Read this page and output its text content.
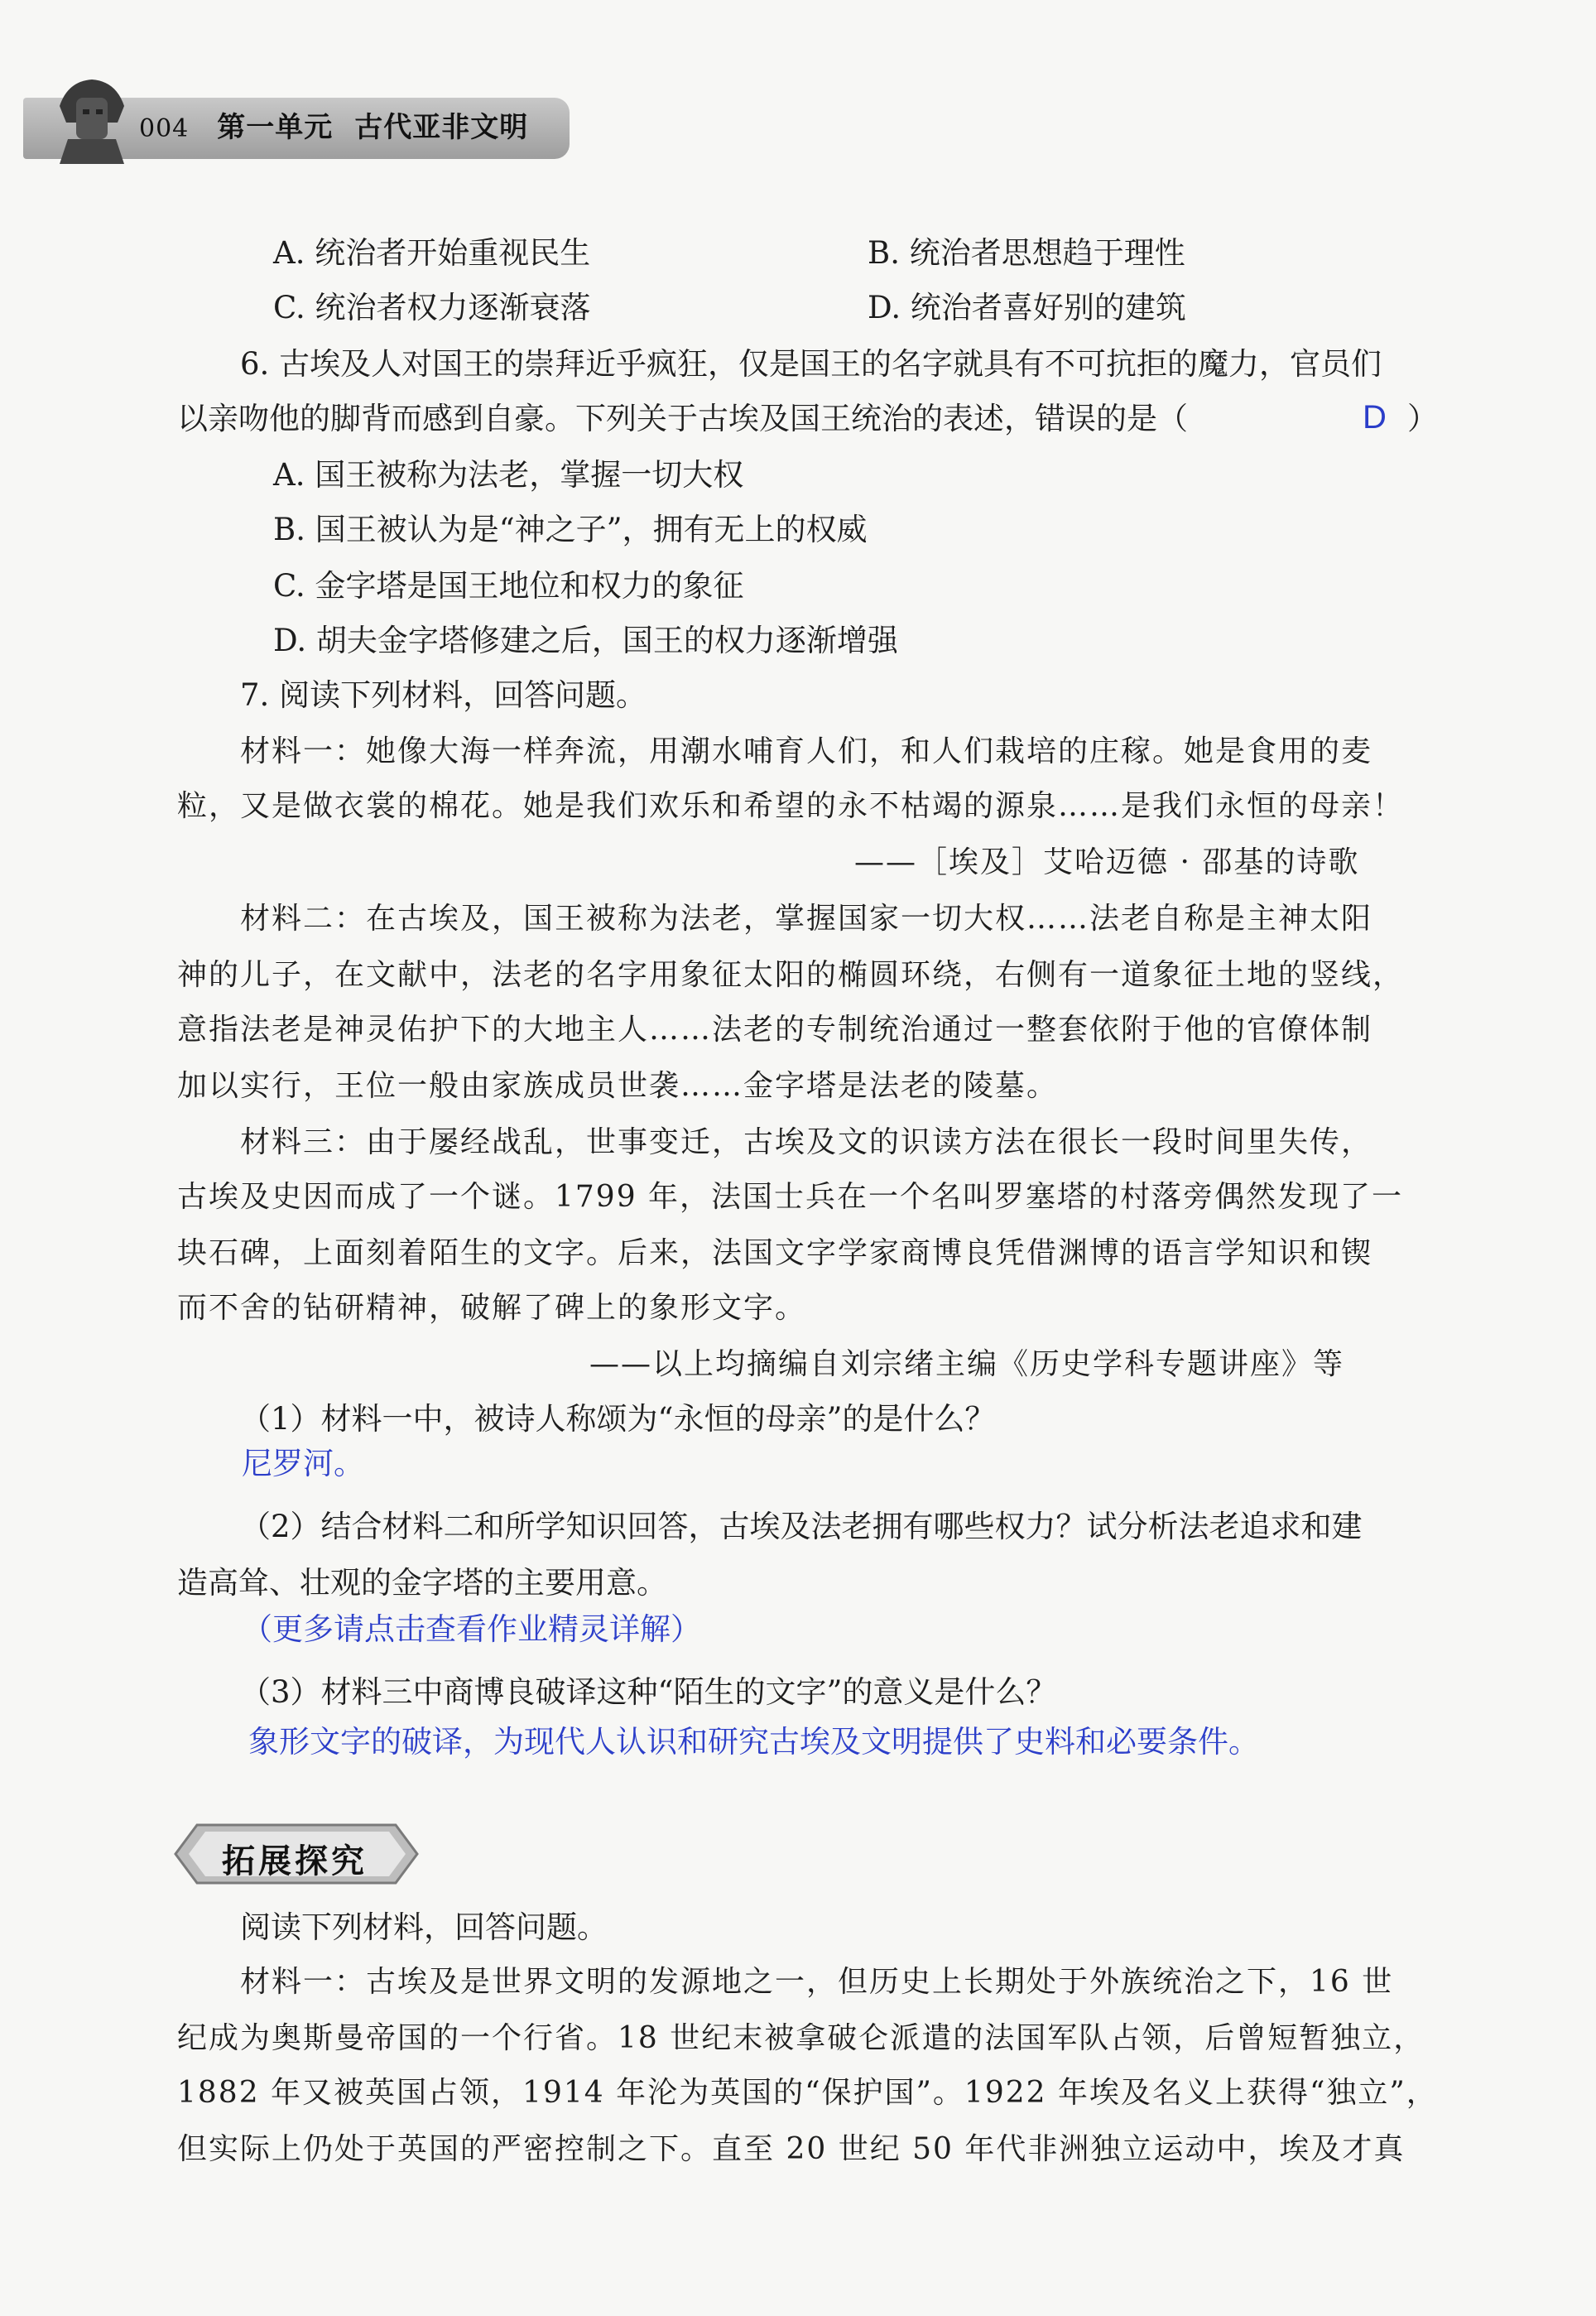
004 第一单元 古代亚非文明
A. 统治者开始重视民生	B. 统治者思想趋于理性
C. 统治者权力逐渐衰落	D. 统治者喜好别的建筑
6. 古埃及人对国王的崇拜近乎疯狂，仅是国王的名字就具有不可抗拒的魔力，官员们
以亲吻他的脚背而感到自豪。下列关于古埃及国王统治的表述，错误的是（	D ）
A. 国王被称为法老，掌握一切大权
B. 国王被认为是“神之子”，拥有无上的权威
C. 金字塔是国王地位和权力的象征
D. 胡夫金字塔修建之后，国王的权力逐渐增强
7. 阅读下列材料，回答问题。
材料一：她像大海一样奔流，用潮水哺育人们，和人们栽培的庄稼。她是食用的麦
粒，又是做衣裳的棉花。她是我们欢乐和希望的永不枯竭的源泉……是我们永恒的母亲！
——［埃及］艾哈迈德 · 邵基的诗歌
材料二：在古埃及，国王被称为法老，掌握国家一切大权……法老自称是主神太阳
神的儿子，在文献中，法老的名字用象征太阳的椭圆环绕，右侧有一道象征土地的竖线，
意指法老是神灵佑护下的大地主人……法老的专制统治通过一整套依附于他的官僚体制
加以实行，王位一般由家族成员世袭……金字塔是法老的陵墓。
材料三：由于屡经战乱，世事变迁，古埃及文的识读方法在很长一段时间里失传，
古埃及史因而成了一个谜。1799 年，法国士兵在一个名叫罗塞塔的村落旁偶然发现了一
块石碑，上面刻着陌生的文字。后来，法国文字学家商博良凭借渊博的语言学知识和锲
而不舍的钻研精神，破解了碑上的象形文字。
——以上均摘编自刘宗绪主编《历史学科专题讲座》等
（1）材料一中，被诗人称颂为“永恒的母亲”的是什么？
尼罗河。
（2）结合材料二和所学知识回答，古埃及法老拥有哪些权力？试分析法老追求和建
造高耸、壮观的金字塔的主要用意。
（更多请点击查看作业精灵详解）
（3）材料三中商博良破译这种“陌生的文字”的意义是什么？
象形文字的破译，为现代人认识和研究古埃及文明提供了史料和必要条件。
拓展探究
阅读下列材料，回答问题。
材料一：古埃及是世界文明的发源地之一，但历史上长期处于外族统治之下，16 世
纪成为奥斯曼帝国的一个行省。18 世纪末被拿破仑派遣的法国军队占领，后曾短暂独立，
1882 年又被英国占领，1914 年沦为英国的“保护国”。1922 年埃及名义上获得“独立”，
但实际上仍处于英国的严密控制之下。直至 20 世纪 50 年代非洲独立运动中，埃及才真
